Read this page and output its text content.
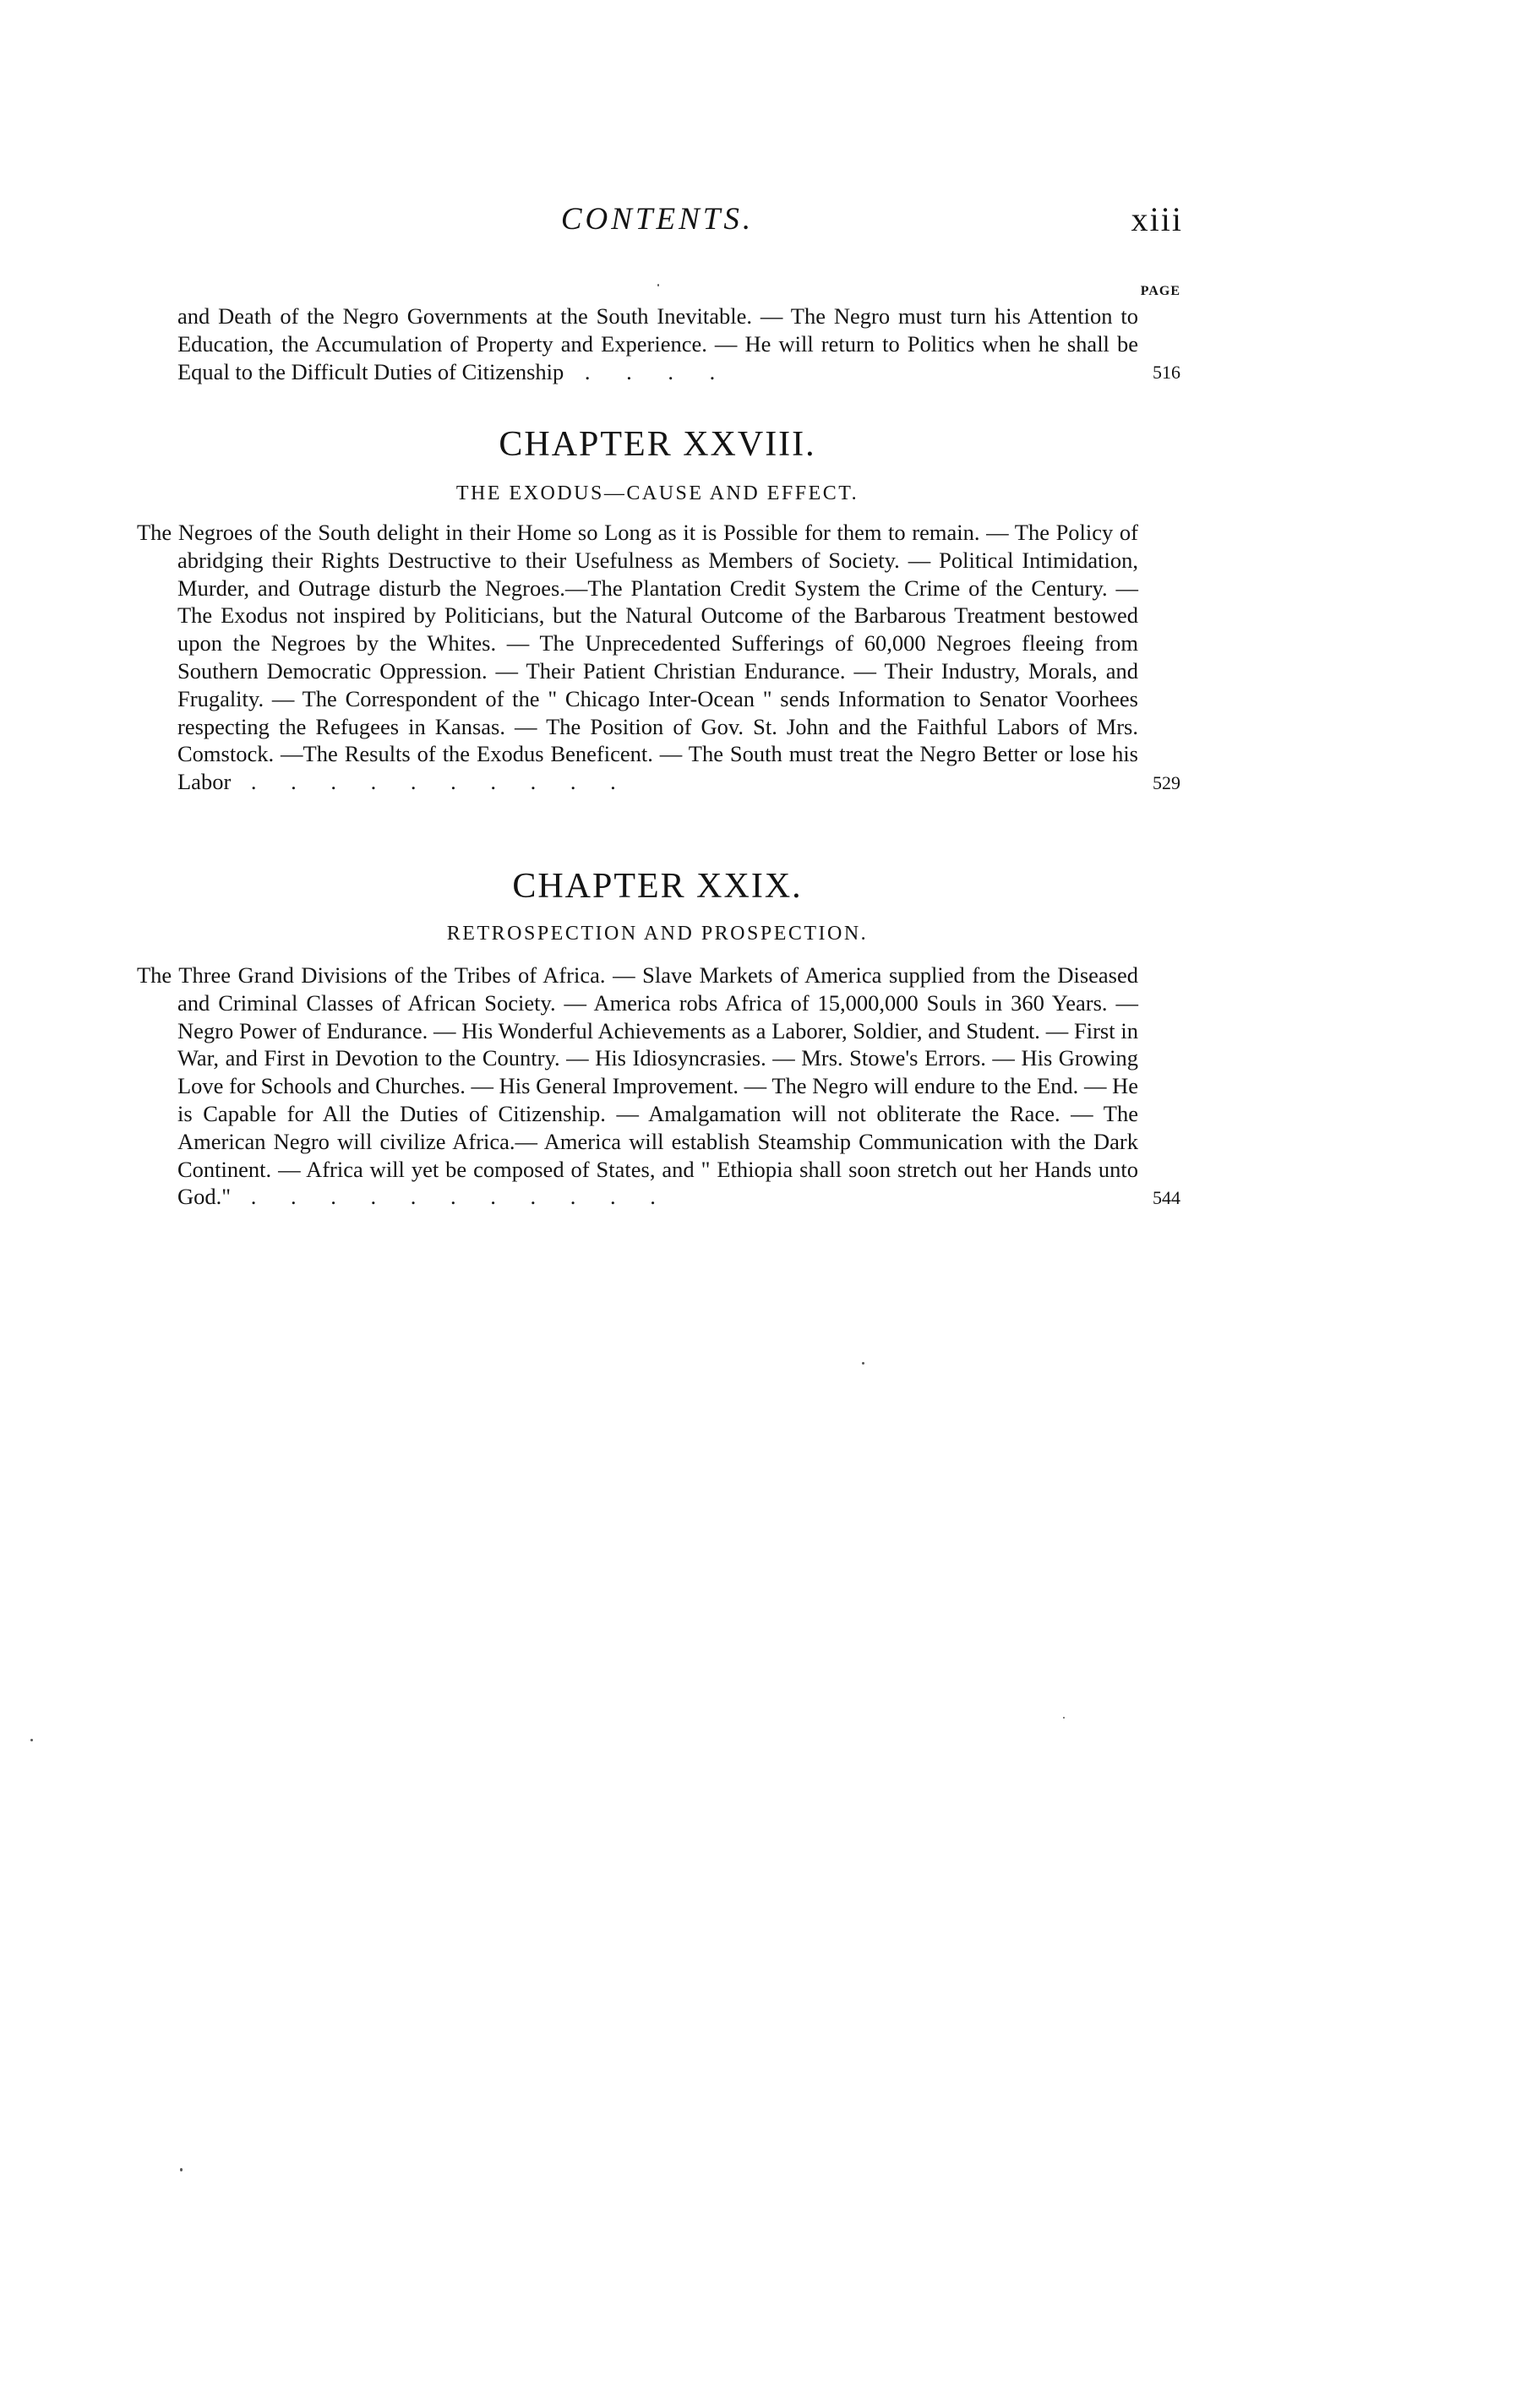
CONTENTS.	xiii
PAGE

and Death of the Negro Governments at the South Inevitable. — The Negro must turn his Attention to Education, the Accumulation of Property and Experience. — He will return to Politics when he shall be Equal to the Difficult Duties of Citizenship . . . .	516
CHAPTER XXVIII.
THE EXODUS—CAUSE AND EFFECT.

The Negroes of the South delight in their Home so Long as it is Possible for them to remain. — The Policy of abridging their Rights Destructive to their Usefulness as Members of Society. — Political Intimidation, Murder, and Outrage disturb the Negroes.—The Plantation Credit System the Crime of the Century. — The Exodus not inspired by Politicians, but the Natural Outcome of the Barbarous Treatment bestowed upon the Negroes by the Whites. — The Unprecedented Sufferings of 60,000 Negroes fleeing from Southern Democratic Oppression. — Their Patient Christian Endurance. — Their Industry, Morals, and Frugality. — The Correspondent of the " Chicago Inter-Ocean " sends Information to Senator Voorhees respecting the Refugees in Kansas. — The Position of Gov. St. John and the Faithful Labors of Mrs. Comstock. —The Results of the Exodus Beneficent. — The South must treat the Negro Better or lose his Labor . . . . . . . . . .	529
CHAPTER XXIX.
RETROSPECTION AND PROSPECTION.

The Three Grand Divisions of the Tribes of Africa. — Slave Markets of America supplied from the Diseased and Criminal Classes of African Society. — America robs Africa of 15,000,000 Souls in 360 Years. — Negro Power of Endurance. — His Wonderful Achievements as a Laborer, Soldier, and Student. — First in War, and First in Devotion to the Country. — His Idiosyncrasies. — Mrs. Stowe's Errors. — His Growing Love for Schools and Churches. — His General Improvement. — The Negro will endure to the End. — He is Capable for All the Duties of Citizenship. — Amalgamation will not obliterate the Race. — The American Negro will civilize Africa.— America will establish Steamship Communication with the Dark Continent. — Africa will yet be composed of States, and " Ethiopia shall soon stretch out her Hands unto God." . . . . . . . . . . .	544
